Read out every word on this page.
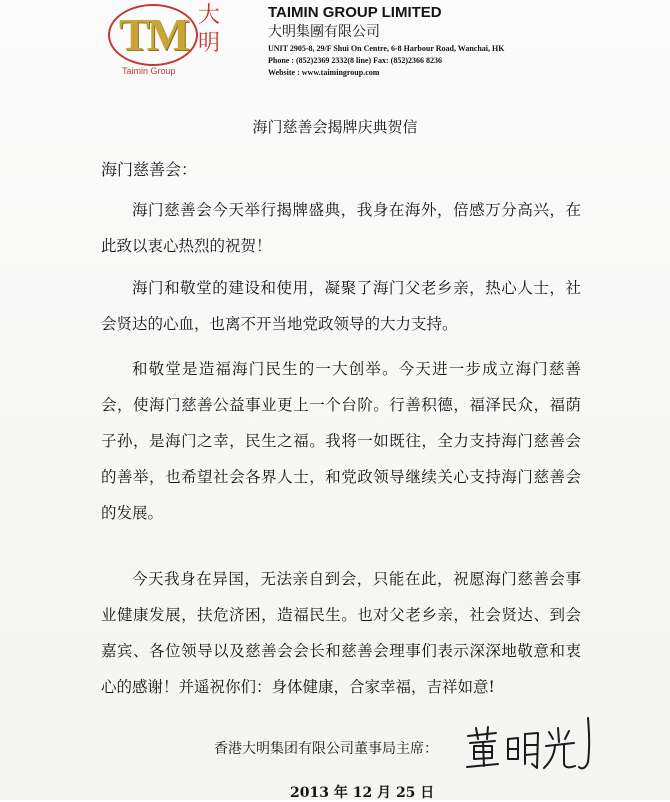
TM 大明
Taimin Group
TAIMIN GROUP LIMITED
大明集團有限公司
UNIT 2905-8, 29/F Shui On Centre, 6-8 Harbour Road, Wanchai, HK
Phone : (852)2369 2332(8 line) Fax: (852)2366 8236
Website : www.taimingroup.com
海门慈善会揭牌庆典贺信
海门慈善会：

海门慈善会今天举行揭牌盛典，我身在海外，倍感万分高兴，在此致以衷心热烈的祝贺！

海门和敬堂的建设和使用，凝聚了海门父老乡亲，热心人士，社会贤达的心血，也离不开当地党政领导的大力支持。

和敬堂是造福海门民生的一大创举。今天进一步成立海门慈善会，使海门慈善公益事业更上一个台阶。行善积德，福泽民众，福荫子孙，是海门之幸，民生之福。我将一如既往，全力支持海门慈善会的善举，也希望社会各界人士，和党政领导继续关心支持海门慈善会的发展。

今天我身在异国，无法亲自到会，只能在此，祝愿海门慈善会事业健康发展，扶危济困，造福民生。也对父老乡亲，社会贤达、到会嘉宾、各位领导以及慈善会会长和慈善会理事们表示深深地敬意和衷心的感谢！并遥祝你们：身体健康，合家幸福，吉祥如意!

香港大明集团有限公司董事局主席：
2013 年 12 月 25 日
